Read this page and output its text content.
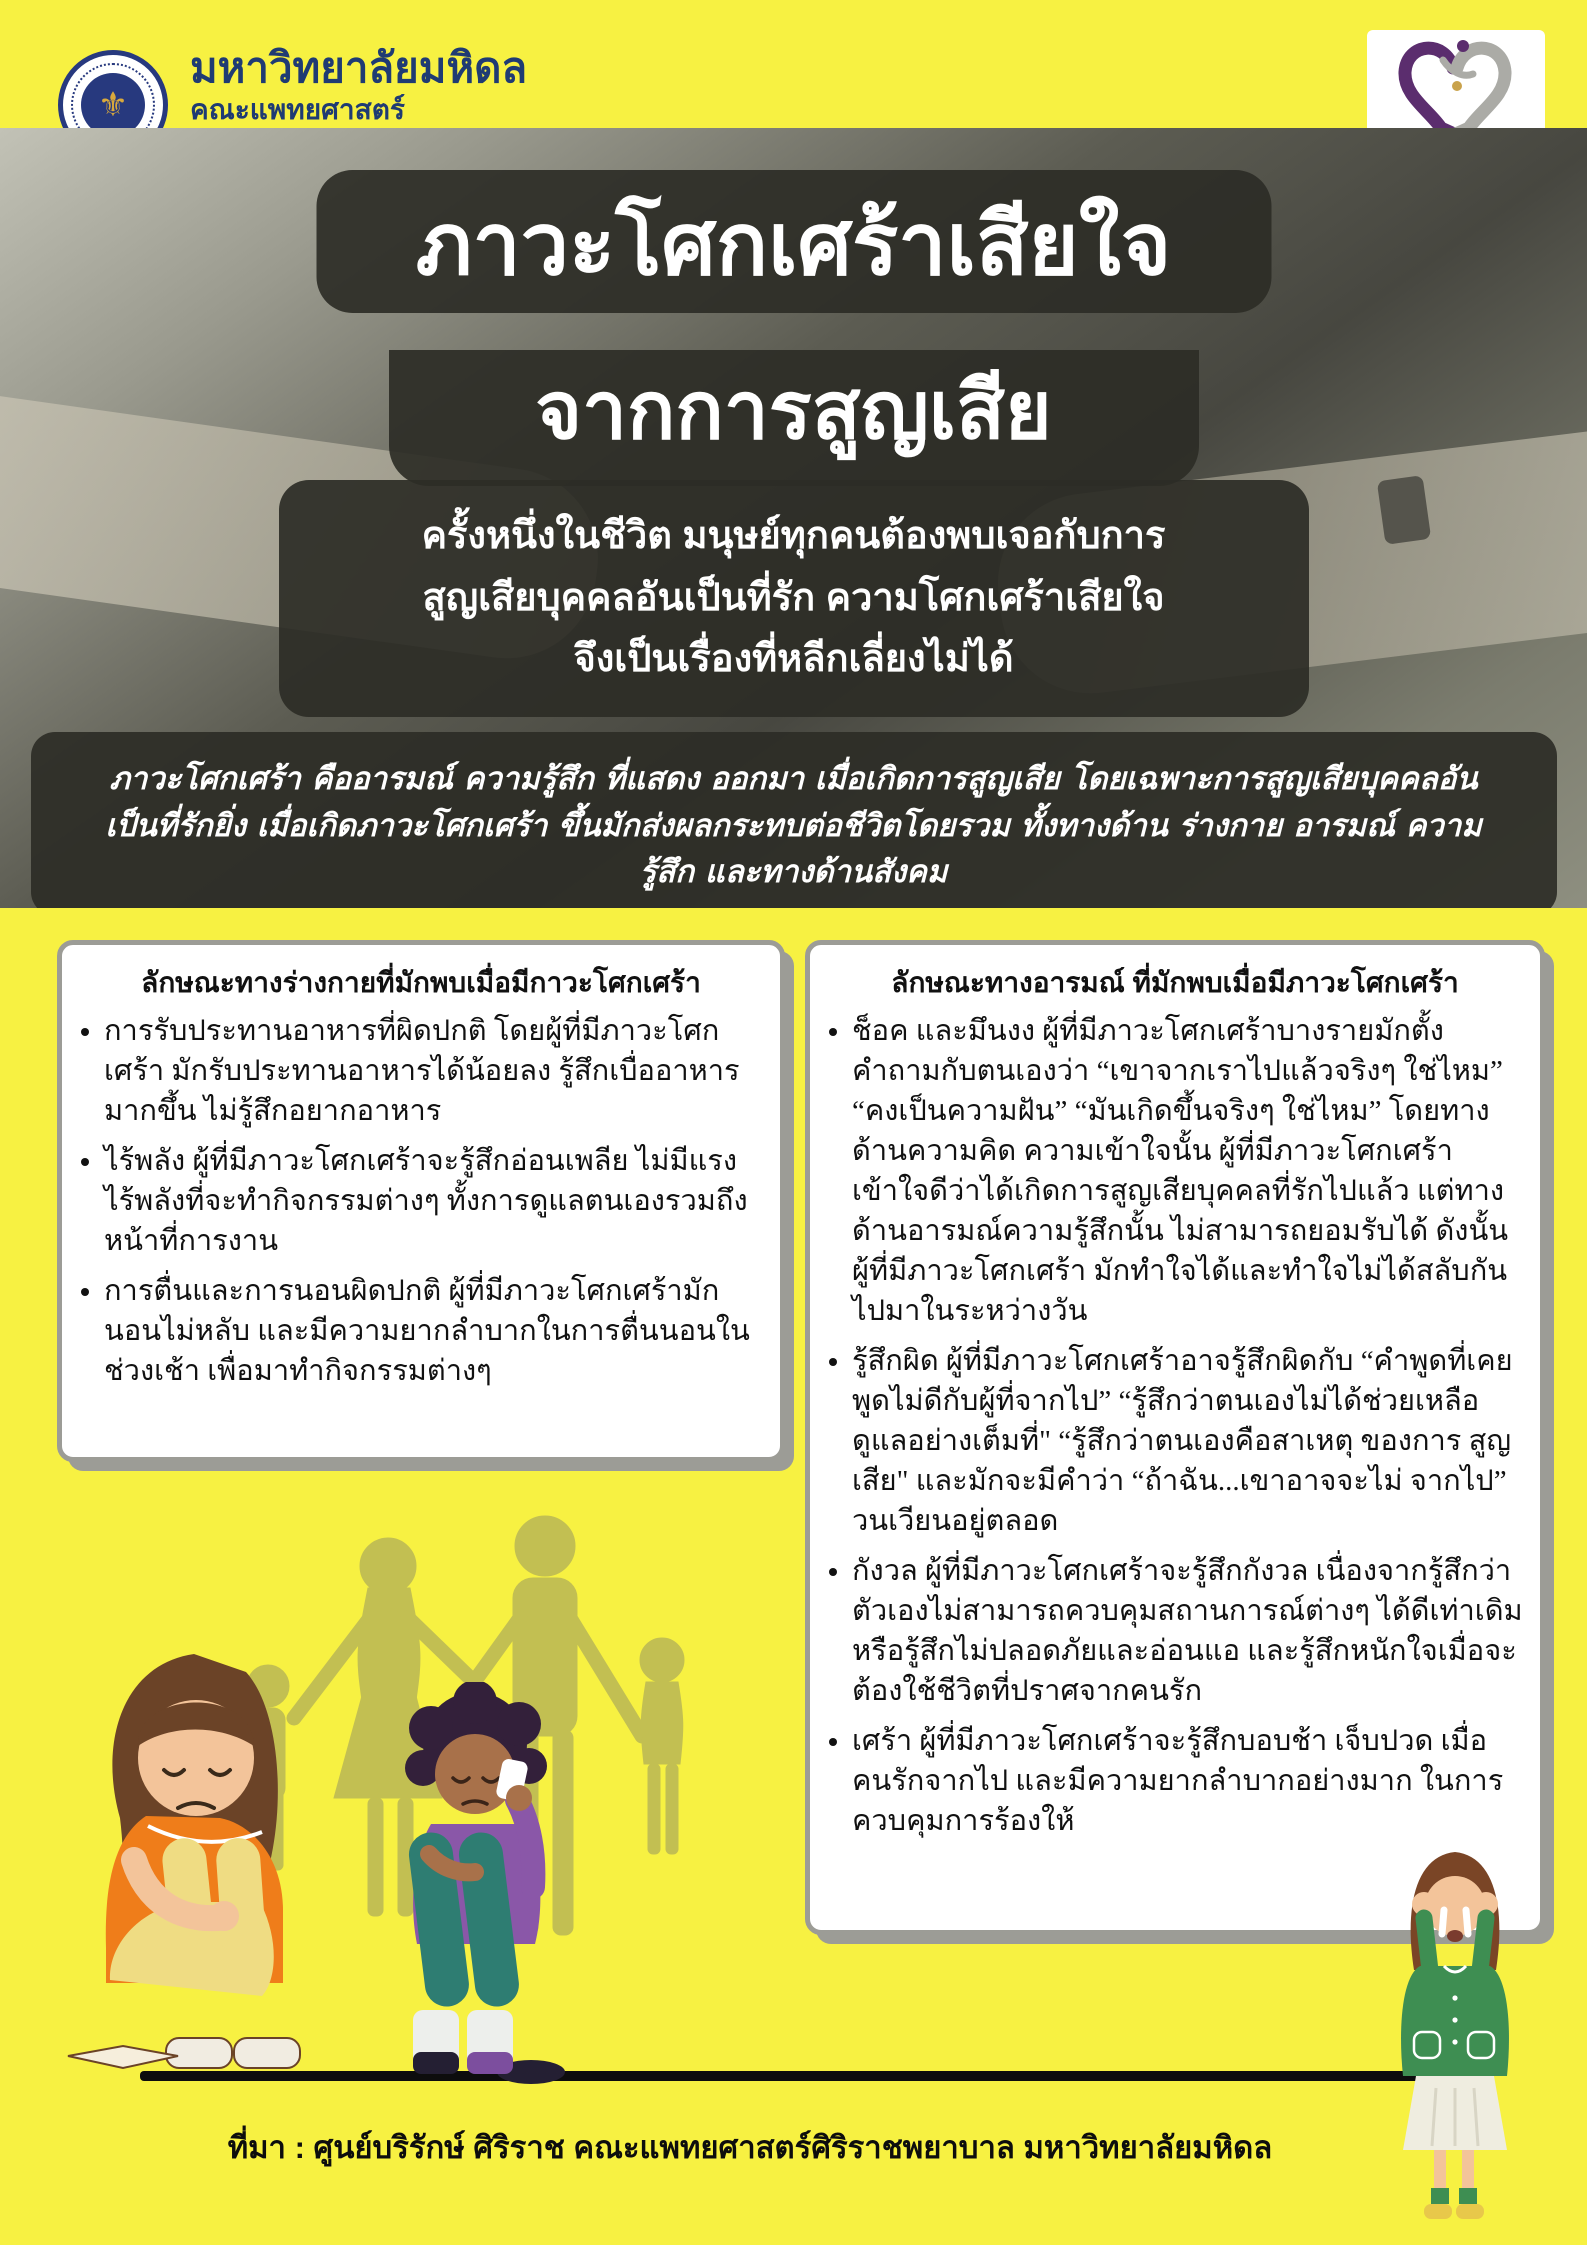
⚜
มหาวิทยาลัยมหิดล
คณะแพทยศาสตร์
ภาวะโศกเศร้าเสียใจ
จากการสูญเสีย
ครั้งหนึ่งในชีวิต มนุษย์ทุกคนต้องพบเจอกับการ
สูญเสียบุคคลอันเป็นที่รัก ความโศกเศร้าเสียใจ
จึงเป็นเรื่องที่หลีกเลี่ยงไม่ได้
ภาวะโศกเศร้า คืออารมณ์ ความรู้สึก ที่แสดง ออกมา เมื่อเกิดการสูญเสีย โดยเฉพาะการสูญเสียบุคคลอัน
เป็นที่รักยิ่ง เมื่อเกิดภาวะโศกเศร้า ขึ้นมักส่งผลกระทบต่อชีวิตโดยรวม ทั้งทางด้าน ร่างกาย อารมณ์ ความ
รู้สึก และทางด้านสังคม
ลักษณะทางร่างกายที่มักพบเมื่อมีกาวะโศกเศร้า
• การรับประทานอาหารที่ผิดปกติ โดยผู้ที่มีภาวะโศกเศร้า มักรับประทานอาหารได้น้อยลง รู้สึกเบื่ออาหารมากขึ้น ไม่รู้สึกอยากอาหาร
• ไร้พลัง ผู้ที่มีภาวะโศกเศร้าจะรู้สึกอ่อนเพลีย ไม่มีแรง ไร้พลังที่จะทำกิจกรรมต่างๆ ทั้งการดูแลตนเองรวมถึงหน้าที่การงาน
• การตื่นและการนอนผิดปกติ ผู้ที่มีภาวะโศกเศร้ามักนอนไม่หลับ และมีความยากลำบากในการตื่นนอนในช่วงเช้า เพื่อมาทำกิจกรรมต่างๆ
ลักษณะทางอารมณ์ ที่มักพบเมื่อมีภาวะโศกเศร้า
• ช็อค และมึนงง ผู้ที่มีภาวะโศกเศร้าบางรายมักตั้งคำถามกับตนเองว่า “เขาจากเราไปแล้วจริงๆ ใช่ไหม” “คงเป็นความฝัน” “มันเกิดขึ้นจริงๆ ใช่ไหม” โดยทาง ด้านความคิด ความเข้าใจนั้น ผู้ที่มีภาวะโศกเศร้า เข้าใจดีว่าได้เกิดการสูญเสียบุคคลที่รักไปแล้ว แต่ทาง ด้านอารมณ์ความรู้สึกนั้น ไม่สามารถยอมรับได้ ดังนั้น ผู้ที่มีภาวะโศกเศร้า มักทำใจได้และทำใจไม่ได้สลับกัน ไปมาในระหว่างวัน
• รู้สึกผิด ผู้ที่มีภาวะโศกเศร้าอาจรู้สึกผิดกับ “คำพูดที่เคยพูดไม่ดีกับผู้ที่จากไป” “รู้สึกว่าตนเองไม่ได้ช่วยเหลือ ดูแลอย่างเต็มที่" “รู้สึกว่าตนเองคือสาเหตุ ของการ สูญเสีย" และมักจะมีคำว่า “ถ้าฉัน...เขาอาจจะไม่ จากไป” วนเวียนอยู่ตลอด
• กังวล ผู้ที่มีภาวะโศกเศร้าจะรู้สึกกังวล เนื่องจากรู้สึกว่าตัวเองไม่สามารถควบคุมสถานการณ์ต่างๆ ได้ดีเท่าเดิม หรือรู้สึกไม่ปลอดภัยและอ่อนแอ และรู้สึกหนักใจเมื่อจะต้องใช้ชีวิตที่ปราศจากคนรัก
• เศร้า ผู้ที่มีภาวะโศกเศร้าจะรู้สึกบอบช้า เจ็บปวด เมื่อ คนรักจากไป และมีความยากลำบากอย่างมาก ในการ ควบคุมการร้องให้
ที่มา : ศูนย์บริรักษ์ ศิริราช คณะแพทยศาสตร์ศิริราชพยาบาล มหาวิทยาลัยมหิดล
